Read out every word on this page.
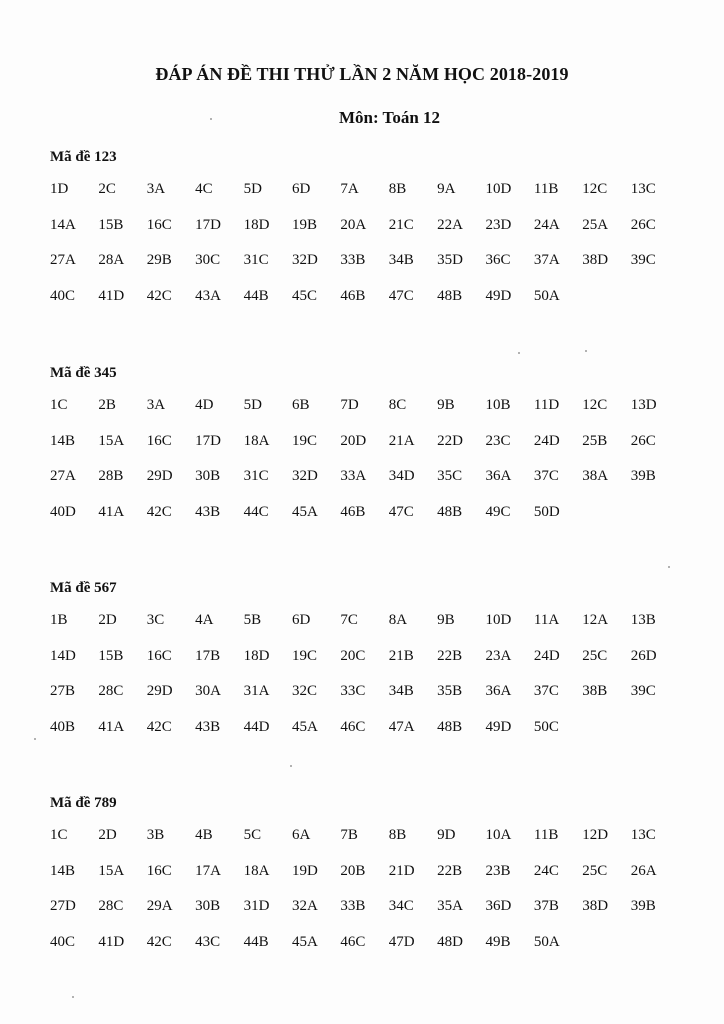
ĐÁP ÁN ĐỀ THI THỬ LẦN 2 NĂM HỌC 2018-2019
Môn: Toán 12
Mã đề 123
1D	2C	3A	4C	5D	6D	7A	8B	9A	10D	11B	12C	13C
14A	15B	16C	17D	18D	19B	20A	21C	22A	23D	24A	25A	26C
27A	28A	29B	30C	31C	32D	33B	34B	35D	36C	37A	38D	39C
40C	41D	42C	43A	44B	45C	46B	47C	48B	49D	50A
Mã đề 345
1C	2B	3A	4D	5D	6B	7D	8C	9B	10B	11D	12C	13D
14B	15A	16C	17D	18A	19C	20D	21A	22D	23C	24D	25B	26C
27A	28B	29D	30B	31C	32D	33A	34D	35C	36A	37C	38A	39B
40D	41A	42C	43B	44C	45A	46B	47C	48B	49C	50D
Mã đề 567
1B	2D	3C	4A	5B	6D	7C	8A	9B	10D	11A	12A	13B
14D	15B	16C	17B	18D	19C	20C	21B	22B	23A	24D	25C	26D
27B	28C	29D	30A	31A	32C	33C	34B	35B	36A	37C	38B	39C
40B	41A	42C	43B	44D	45A	46C	47A	48B	49D	50C
Mã đề 789
1C	2D	3B	4B	5C	6A	7B	8B	9D	10A	11B	12D	13C
14B	15A	16C	17A	18A	19D	20B	21D	22B	23B	24C	25C	26A
27D	28C	29A	30B	31D	32A	33B	34C	35A	36D	37B	38D	39B
40C	41D	42C	43C	44B	45A	46C	47D	48D	49B	50A
